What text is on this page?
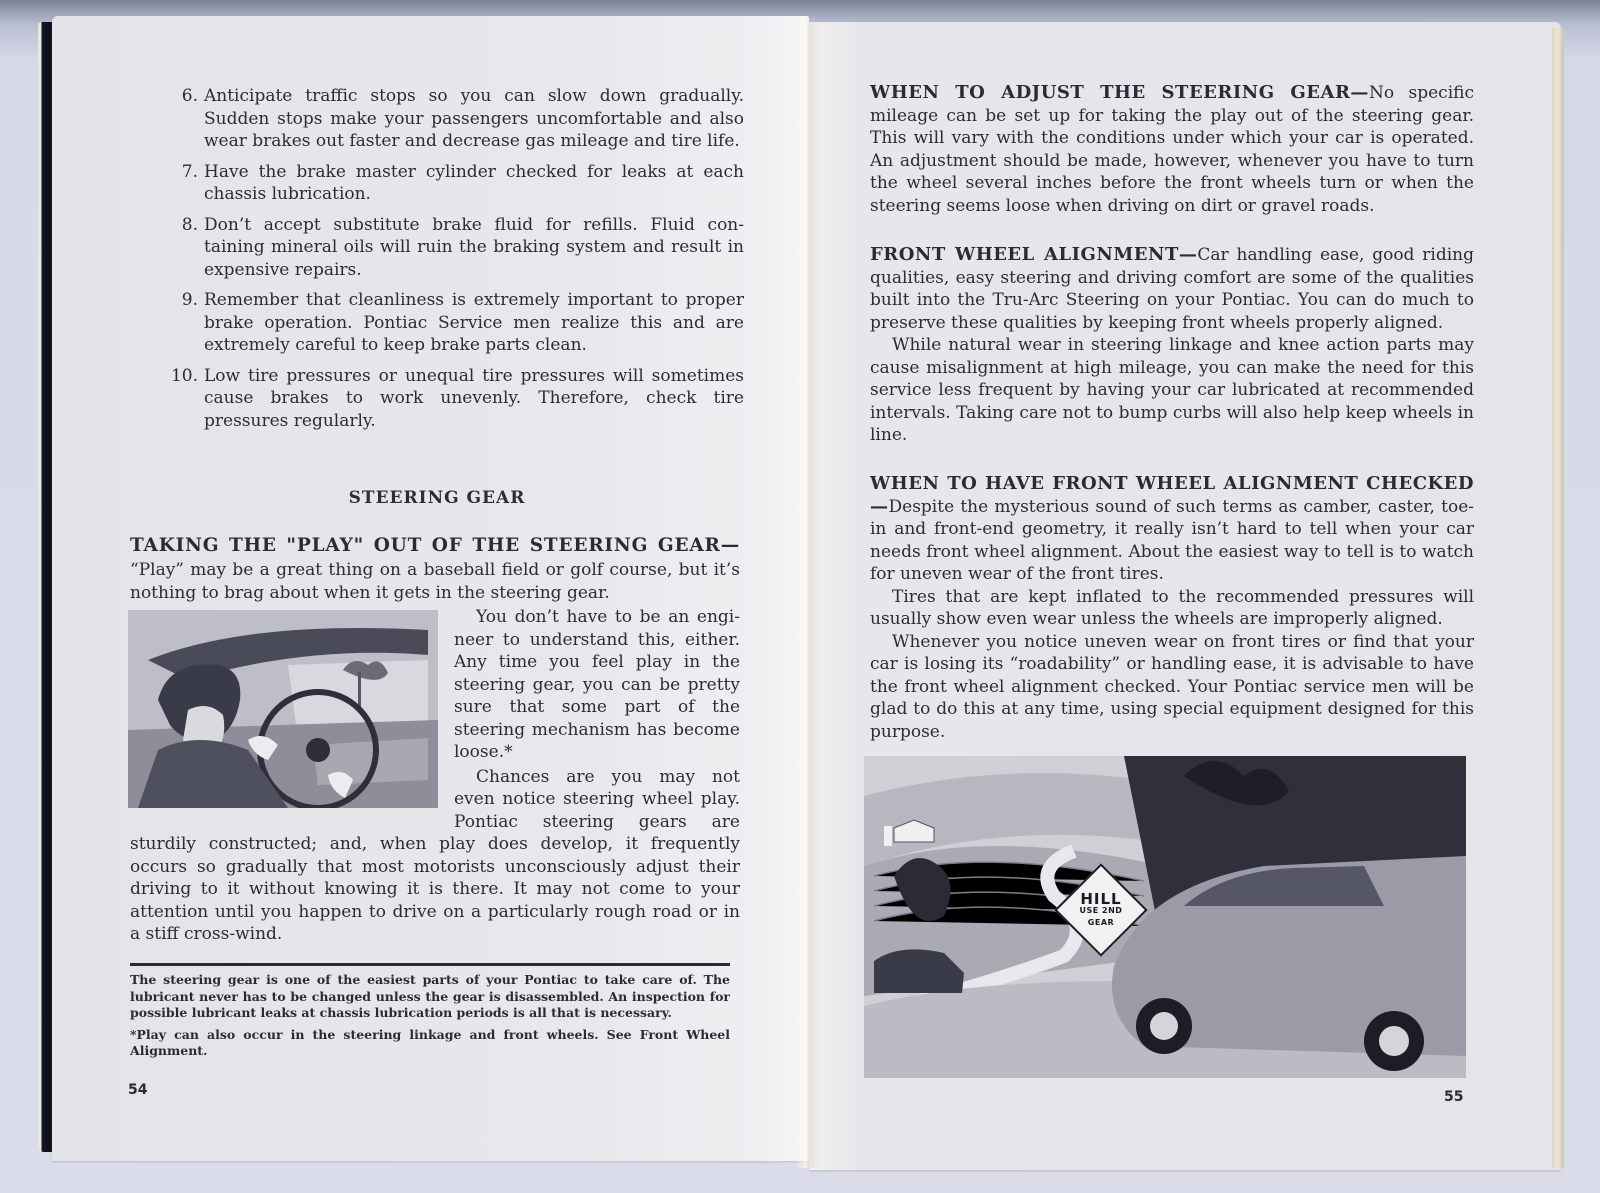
6. Anticipate traffic stops so you can slow down gradually. Sudden stops make your passengers uncomfortable and also wear brakes out faster and decrease gas mileage and tire life.
7. Have the brake master cylinder checked for leaks at each chassis lubrication.
8. Don’t accept substitute brake fluid for refills. Fluid con-taining mineral oils will ruin the braking system and result in expensive repairs.
9. Remember that cleanliness is extremely important to proper brake operation. Pontiac Service men realize this and are extremely careful to keep brake parts clean.
10. Low tire pressures or unequal tire pressures will sometimes cause brakes to work unevenly. Therefore, check tire pressures regularly.
STEERING GEAR
TAKING THE "PLAY" OUT OF THE STEERING GEAR—

“Play” may be a great thing on a baseball field or golf course, but it’s nothing to brag about when it gets in the steering gear.

You don’t have to be an engi-neer to understand this, either. Any time you feel play in the steering gear, you can be pretty sure that some part of the steering mechanism has become loose.*

Chances are you may not even notice steering wheel play. Pontiac steering gears are sturdily constructed; and, when play does develop, it frequently occurs so gradually that most motorists unconsciously adjust their driving to it without knowing it is there. It may not come to your attention until you happen to drive on a particularly rough road or in a stiff cross-wind.

The steering gear is one of the easiest parts of your Pontiac to take care of. The lubricant never has to be changed unless the gear is disassembled. An inspection for possible lubricant leaks at chassis lubrication periods is all that is necessary.

*Play can also occur in the steering linkage and front wheels. See Front Wheel Alignment.

54

WHEN TO ADJUST THE STEERING GEAR—No specific mileage can be set up for taking the play out of the steering gear. This will vary with the conditions under which your car is operated. An adjustment should be made, however, whenever you have to turn the wheel several inches before the front wheels turn or when the steering seems loose when driving on dirt or gravel roads.

FRONT WHEEL ALIGNMENT—Car handling ease, good riding qualities, easy steering and driving comfort are some of the qualities built into the Tru-Arc Steering on your Pontiac. You can do much to preserve these qualities by keeping front wheels properly aligned.

While natural wear in steering linkage and knee action parts may cause misalignment at high mileage, you can make the need for this service less frequent by having your car lubricated at recommended intervals. Taking care not to bump curbs will also help keep wheels in line.

WHEN TO HAVE FRONT WHEEL ALIGNMENT CHECKED—Despite the mysterious sound of such terms as camber, caster, toe-in and front-end geometry, it really isn’t hard to tell when your car needs front wheel alignment. About the easiest way to tell is to watch for uneven wear of the front tires.

Tires that are kept inflated to the recommended pressures will usually show even wear unless the wheels are improperly aligned.

Whenever you notice uneven wear on front tires or find that your car is losing its “roadability” or handling ease, it is advisable to have the front wheel alignment checked. Your Pontiac service men will be glad to do this at any time, using special equipment designed for this purpose.

HILL
USE 2ND
GEAR
55
